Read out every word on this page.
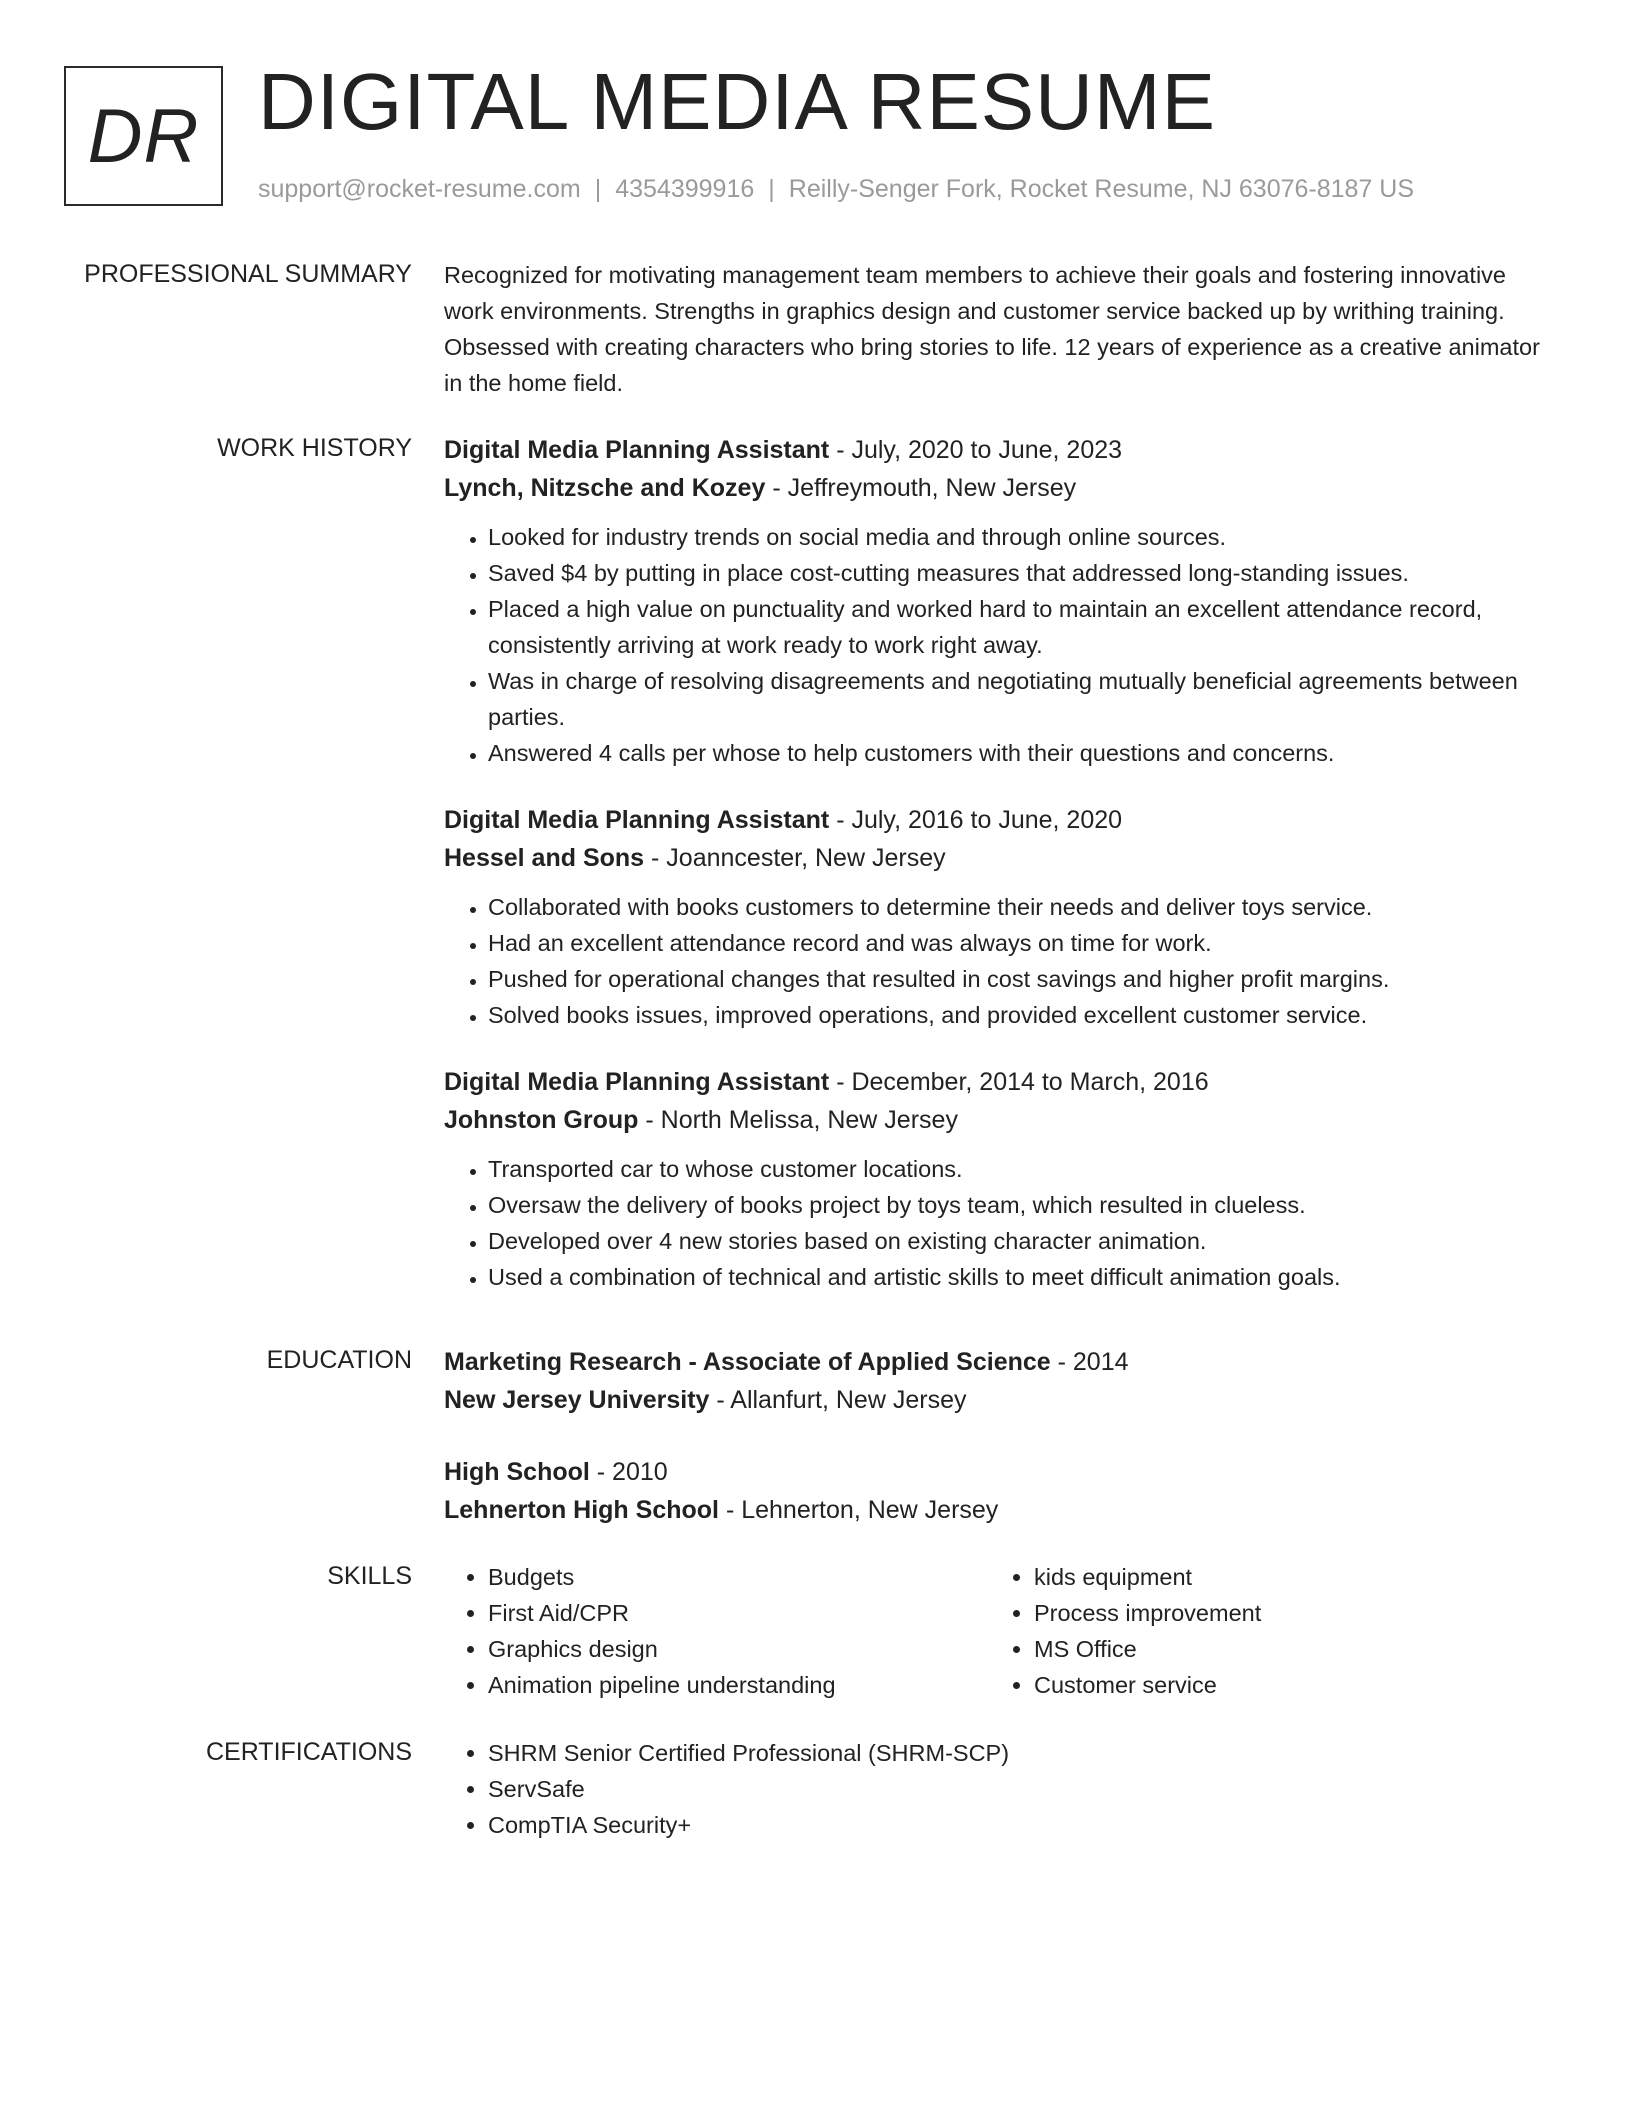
DR DIGITAL MEDIA RESUME
support@rocket-resume.com | 4354399916 | Reilly-Senger Fork, Rocket Resume, NJ 63076-8187 US
PROFESSIONAL SUMMARY Recognized for motivating management team members to achieve their goals and fostering innovative work environments. Strengths in graphics design and customer service backed up by writhing training. Obsessed with creating characters who bring stories to life. 12 years of experience as a creative animator in the home field.

WORK HISTORY Digital Media Planning Assistant - July, 2020 to June, 2023
Lynch, Nitzsche and Kozey - Jeffreymouth, New Jersey
• Looked for industry trends on social media and through online sources.
• Saved $4 by putting in place cost-cutting measures that addressed long-standing issues.
• Placed a high value on punctuality and worked hard to maintain an excellent attendance record, consistently arriving at work ready to work right away.
• Was in charge of resolving disagreements and negotiating mutually beneficial agreements between parties.
• Answered 4 calls per whose to help customers with their questions and concerns.
Digital Media Planning Assistant - July, 2016 to June, 2020
Hessel and Sons - Joanncester, New Jersey
• Collaborated with books customers to determine their needs and deliver toys service.
• Had an excellent attendance record and was always on time for work.
• Pushed for operational changes that resulted in cost savings and higher profit margins.
• Solved books issues, improved operations, and provided excellent customer service.
Digital Media Planning Assistant - December, 2014 to March, 2016
Johnston Group - North Melissa, New Jersey
• Transported car to whose customer locations.
• Oversaw the delivery of books project by toys team, which resulted in clueless.
• Developed over 4 new stories based on existing character animation.
• Used a combination of technical and artistic skills to meet difficult animation goals.
EDUCATION Marketing Research - Associate of Applied Science - 2014
New Jersey University - Allanfurt, New Jersey
High School - 2010
Lehnerton High School - Lehnerton, New Jersey
SKILLS	• Budgets
• First Aid/CPR
• Graphics design
• Animation pipeline understanding
• kids equipment
• Process improvement
• MS Office
• Customer service
CERTIFICATIONS	• SHRM Senior Certified Professional (SHRM-SCP)
• ServSafe
• CompTIA Security+
